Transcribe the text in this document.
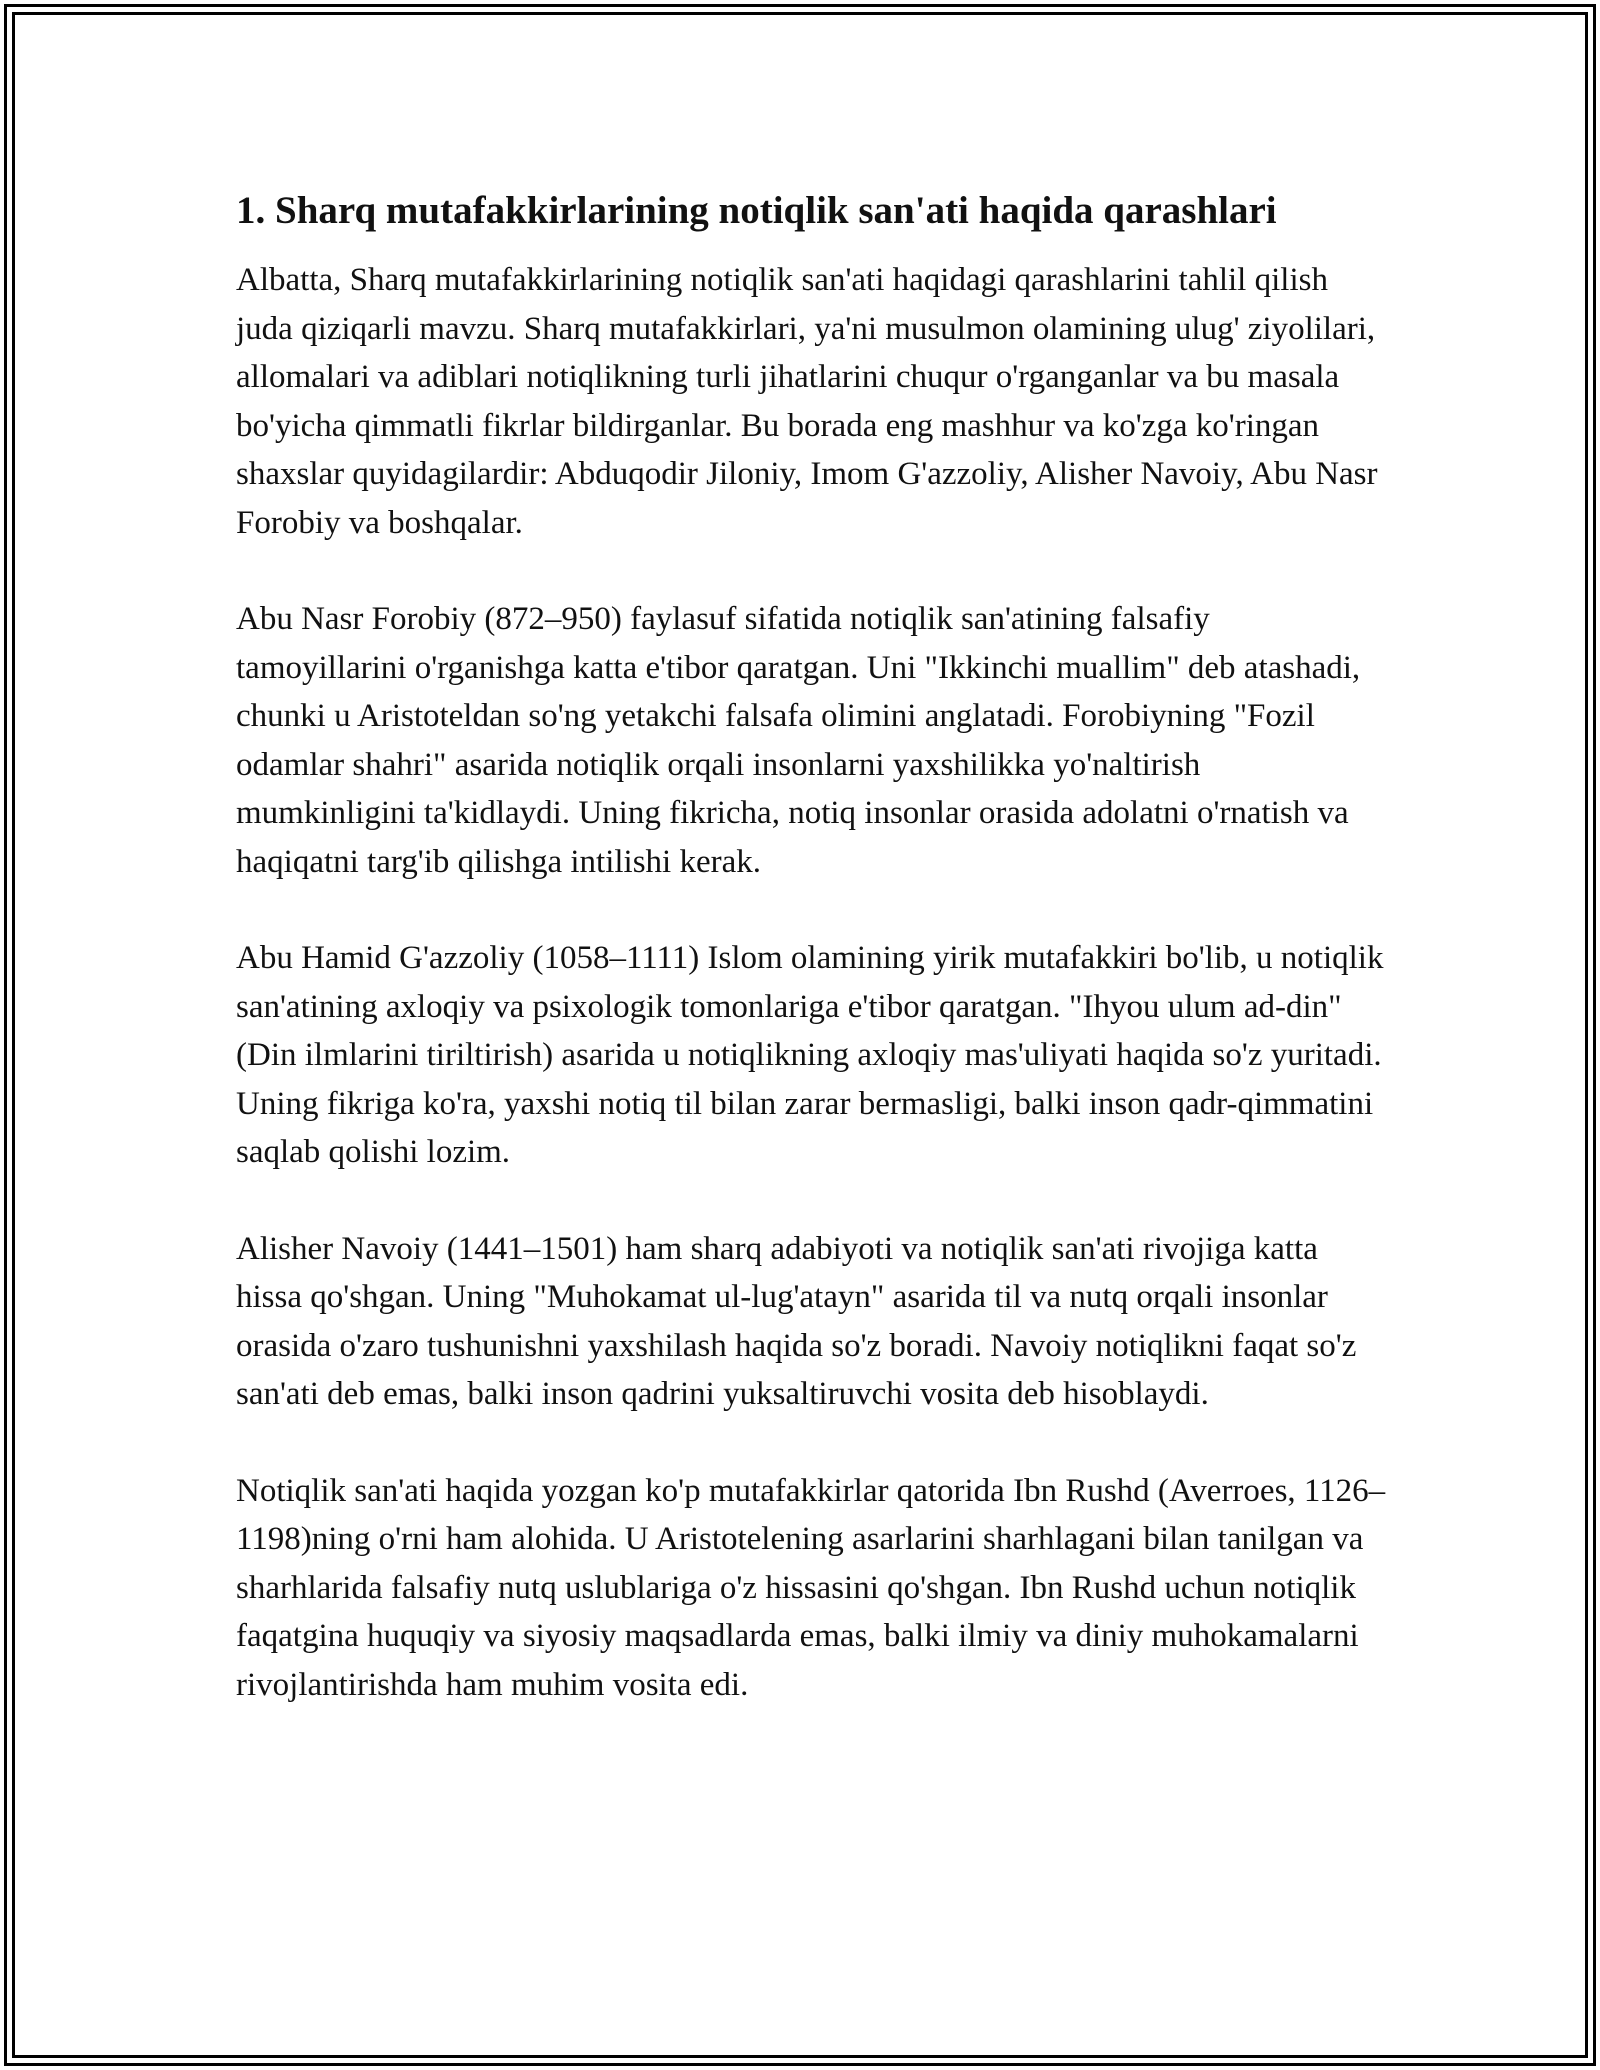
1. Sharq mutafakkirlarining notiqlik san'ati haqida qarashlari

Albatta, Sharq mutafakkirlarining notiqlik san'ati haqidagi qarashlarini tahlil qilish juda qiziqarli mavzu. Sharq mutafakkirlari, ya'ni musulmon olamining ulug' ziyolilari, allomalari va adiblari notiqlikning turli jihatlarini chuqur o'rganganlar va bu masala bo'yicha qimmatli fikrlar bildirganlar. Bu borada eng mashhur va ko'zga ko'ringan shaxslar quyidagilardir: Abduqodir Jiloniy, Imom G'azzoliy, Alisher Navoiy, Abu Nasr Forobiy va boshqalar.

Abu Nasr Forobiy (872–950) faylasuf sifatida notiqlik san'atining falsafiy tamoyillarini o'rganishga katta e'tibor qaratgan. Uni "Ikkinchi muallim" deb atashadi, chunki u Aristoteldan so'ng yetakchi falsafa olimini anglatadi. Forobiyning "Fozil odamlar shahri" asarida notiqlik orqali insonlarni yaxshilikka yo'naltirish mumkinligini ta'kidlaydi. Uning fikricha, notiq insonlar orasida adolatni o'rnatish va haqiqatni targ'ib qilishga intilishi kerak.

Abu Hamid G'azzoliy (1058–1111) Islom olamining yirik mutafakkiri bo'lib, u notiqlik san'atining axloqiy va psixologik tomonlariga e'tibor qaratgan. "Ihyou ulum ad-din" (Din ilmlarini tiriltirish) asarida u notiqlikning axloqiy mas'uliyati haqida so'z yuritadi. Uning fikriga ko'ra, yaxshi notiq til bilan zarar bermasligi, balki inson qadr-qimmatini saqlab qolishi lozim.

Alisher Navoiy (1441–1501) ham sharq adabiyoti va notiqlik san'ati rivojiga katta hissa qo'shgan. Uning "Muhokamat ul-lug'atayn" asarida til va nutq orqali insonlar orasida o'zaro tushunishni yaxshilash haqida so'z boradi. Navoiy notiqlikni faqat so'z san'ati deb emas, balki inson qadrini yuksaltiruvchi vosita deb hisoblaydi.

Notiqlik san'ati haqida yozgan ko'p mutafakkirlar qatorida Ibn Rushd (Averroes, 1126–1198)ning o'rni ham alohida. U Aristotelening asarlarini sharhlagani bilan tanilgan va sharhlarida falsafiy nutq uslublariga o'z hissasini qo'shgan. Ibn Rushd uchun notiqlik faqatgina huquqiy va siyosiy maqsadlarda emas, balki ilmiy va diniy muhokamalarni rivojlantirishda ham muhim vosita edi.
